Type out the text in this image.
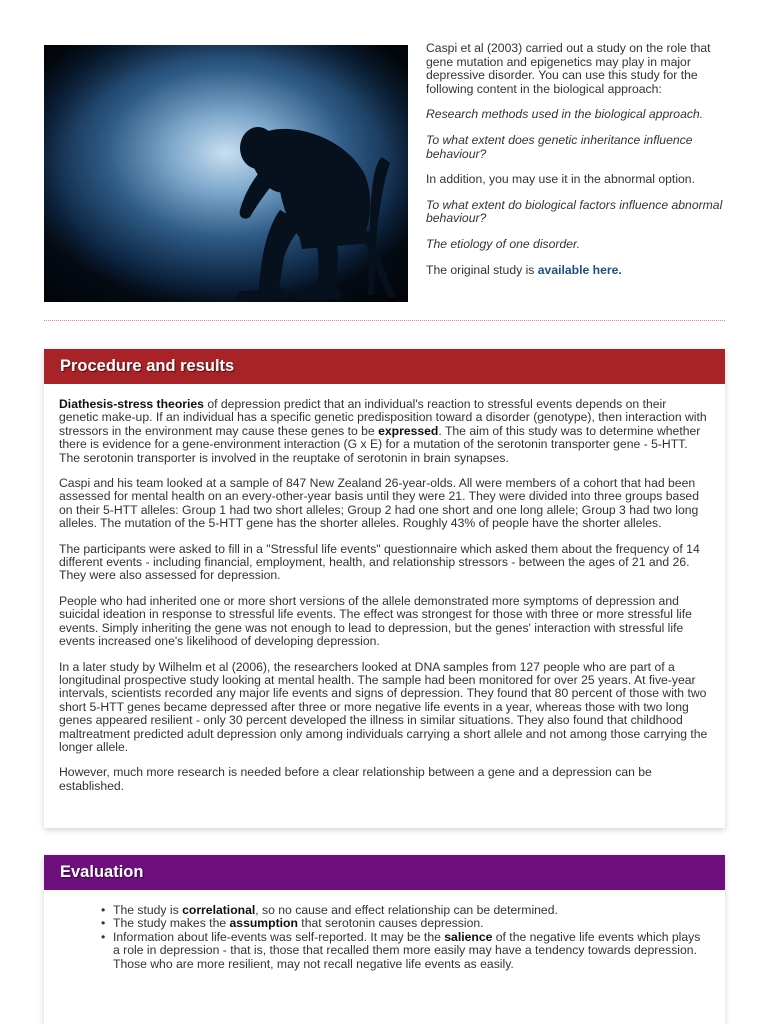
Caspi et al (2003) carried out a study on the role that gene mutation and epigenetics may play in major depressive disorder. You can use this study for the following content in the biological approach:

Research methods used in the biological approach.

To what extent does genetic inheritance influence behaviour?

In addition, you may use it in the abnormal option.

To what extent do biological factors influence abnormal behaviour?

The etiology of one disorder.

The original study is available here.

Procedure and results

Diathesis-stress theories of depression predict that an individual's reaction to stressful events depends on their genetic make-up. If an individual has a specific genetic predisposition toward a disorder (genotype), then interaction with stressors in the environment may cause these genes to be expressed. The aim of this study was to determine whether there is evidence for a gene-environment interaction (G x E) for a mutation of the serotonin transporter gene - 5-HTT. The serotonin transporter is involved in the reuptake of serotonin in brain synapses.

Caspi and his team looked at a sample of 847 New Zealand 26-year-olds. All were members of a cohort that had been assessed for mental health on an every-other-year basis until they were 21. They were divided into three groups based on their 5-HTT alleles: Group 1 had two short alleles; Group 2 had one short and one long allele; Group 3 had two long alleles. The mutation of the 5-HTT gene has the shorter alleles. Roughly 43% of people have the shorter alleles.

The participants were asked to fill in a "Stressful life events" questionnaire which asked them about the frequency of 14 different events - including financial, employment, health, and relationship stressors - between the ages of 21 and 26. They were also assessed for depression.

People who had inherited one or more short versions of the allele demonstrated more symptoms of depression and suicidal ideation in response to stressful life events. The effect was strongest for those with three or more stressful life events. Simply inheriting the gene was not enough to lead to depression, but the genes' interaction with stressful life events increased one's likelihood of developing depression.

In a later study by Wilhelm et al (2006), the researchers looked at DNA samples from 127 people who are part of a longitudinal prospective study looking at mental health. The sample had been monitored for over 25 years. At five-year intervals, scientists recorded any major life events and signs of depression. They found that 80 percent of those with two short 5-HTT genes became depressed after three or more negative life events in a year, whereas those with two long genes appeared resilient - only 30 percent developed the illness in similar situations. They also found that childhood maltreatment predicted adult depression only among individuals carrying a short allele and not among those carrying the longer allele.

However, much more research is needed before a clear relationship between a gene and a depression can be established.

Evaluation
• The study is correlational, so no cause and effect relationship can be determined.
• The study makes the assumption that serotonin causes depression.
• Information about life-events was self-reported. It may be the salience of the negative life events which plays a role in depression - that is, those that recalled them more easily may have a tendency towards depression. Those who are more resilient, may not recall negative life events as easily.
